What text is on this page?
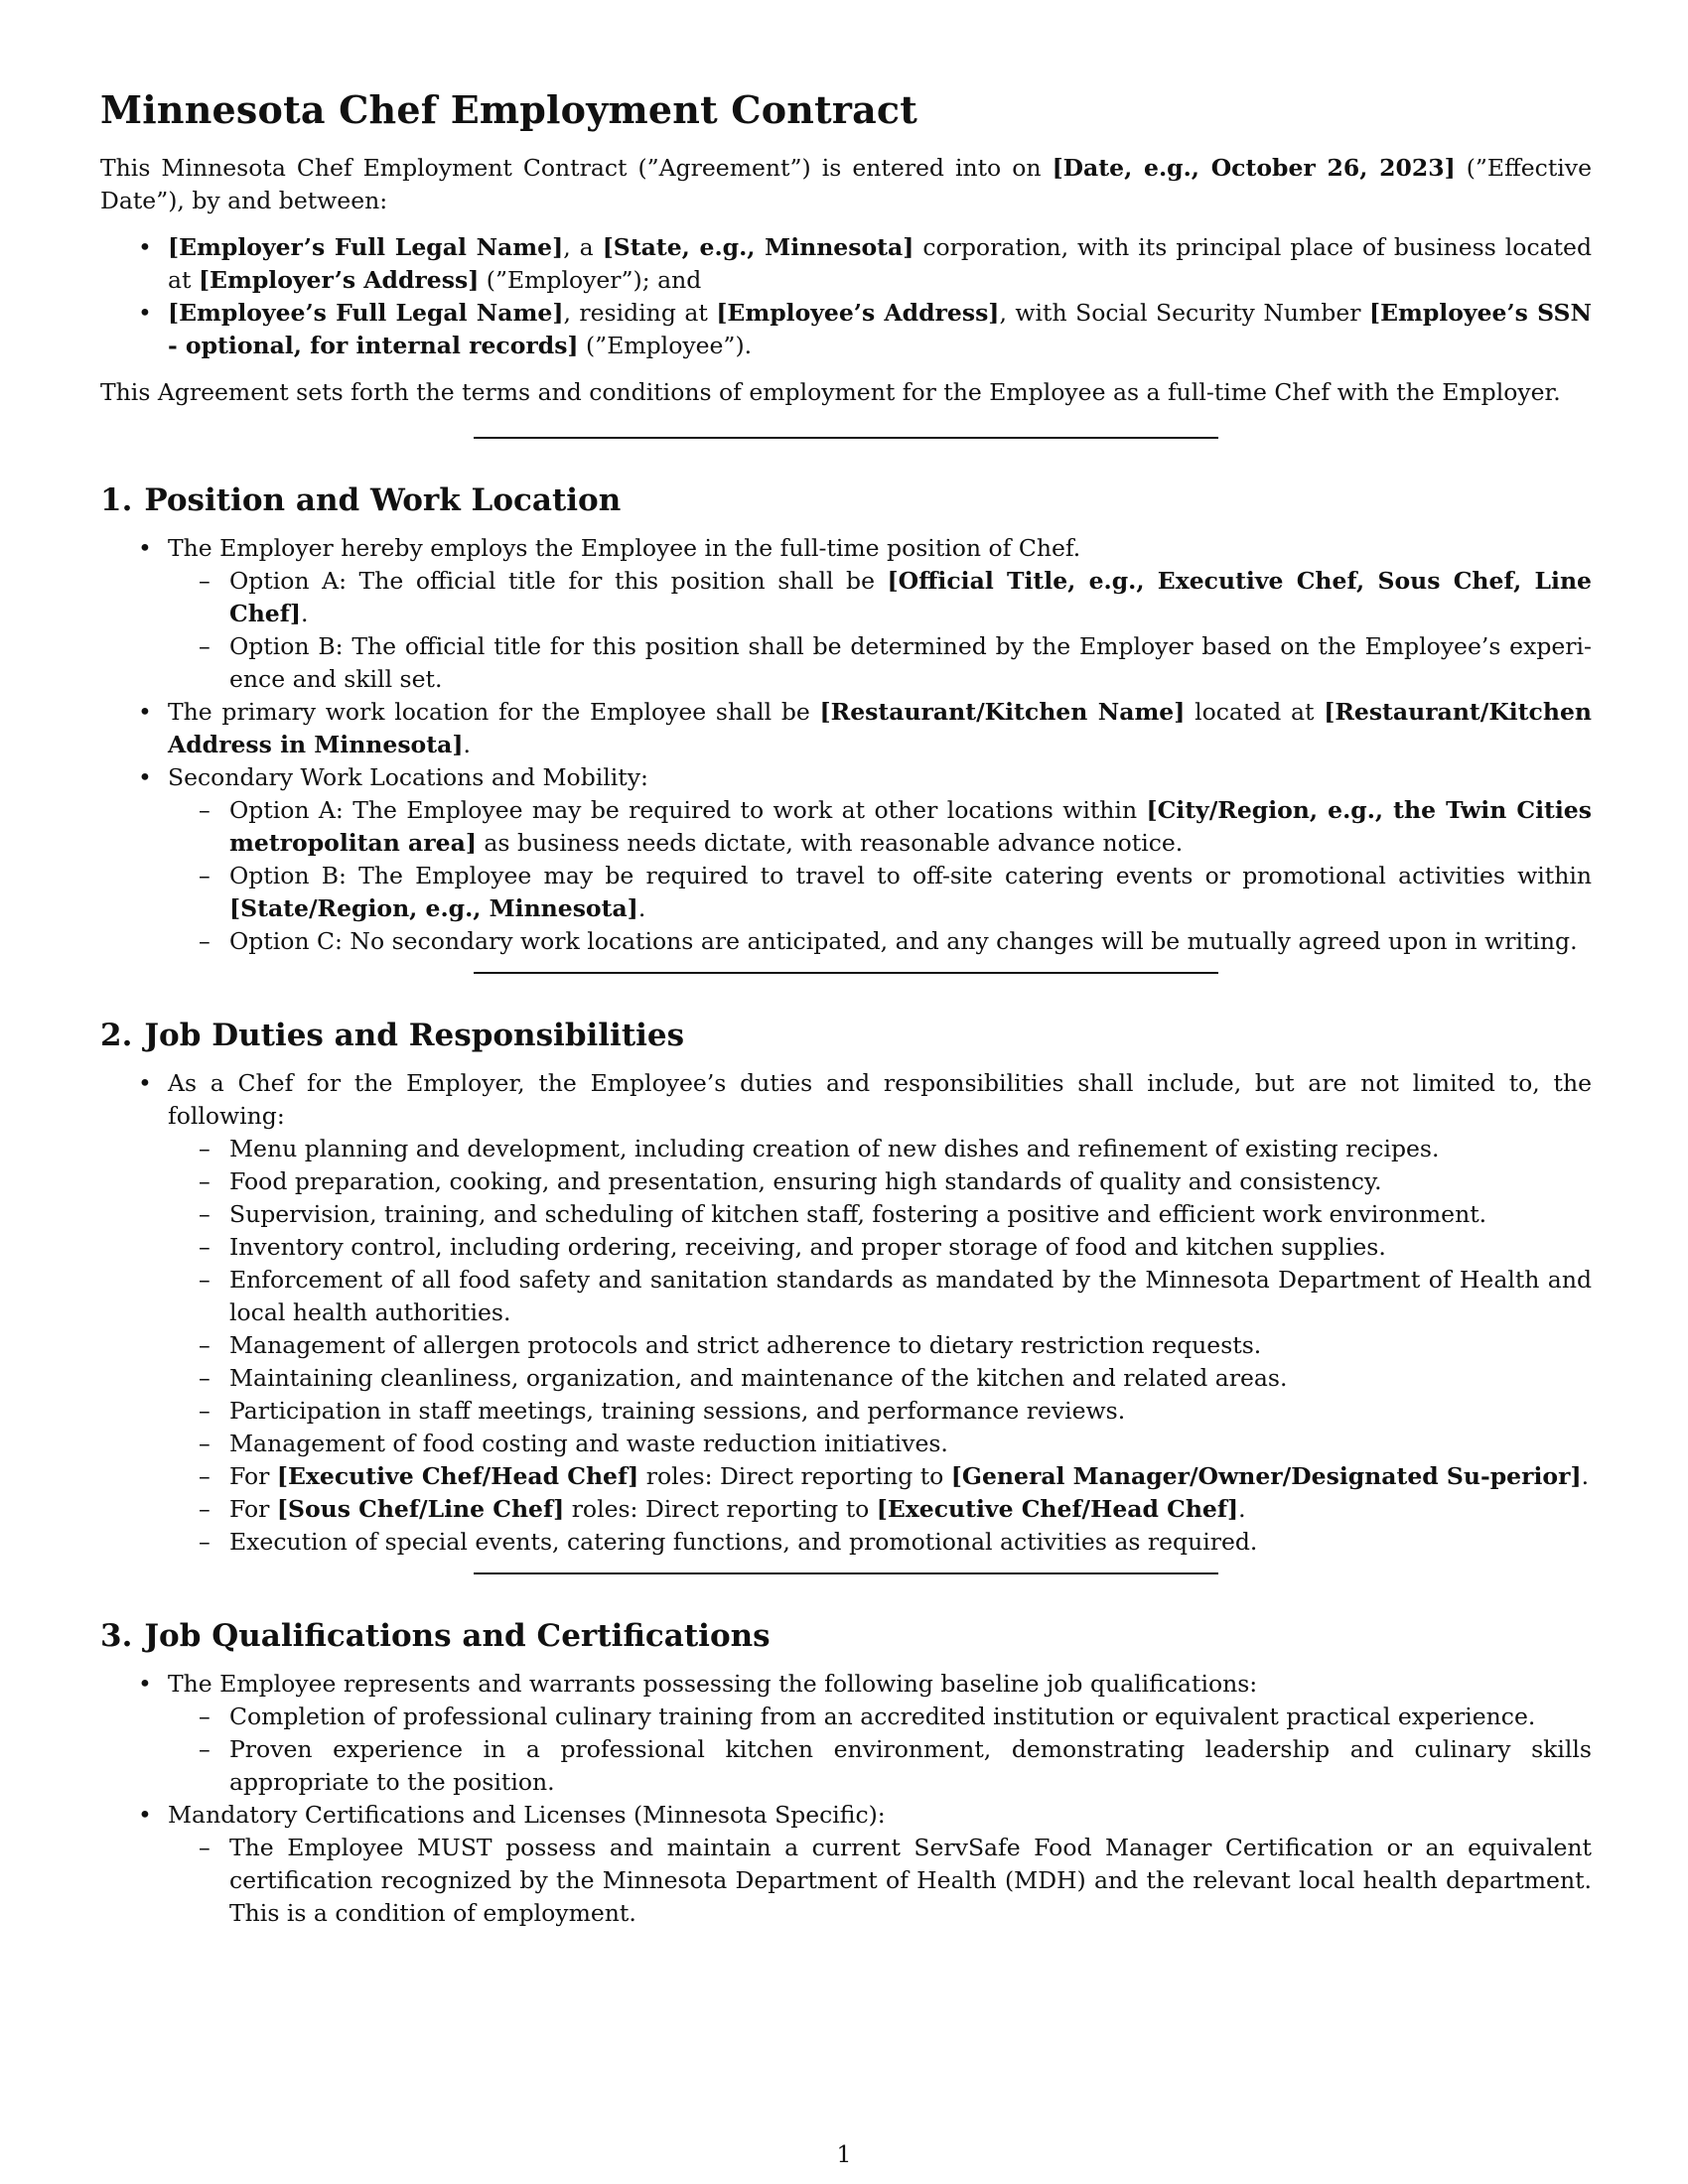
Minnesota Chef Employment Contract

This Minnesota Chef Employment Contract (”Agreement”) is entered into on [Date, e.g., October 26, 2023] (”Effective Date”), by and between:

• [Employer’s Full Legal Name], a [State, e.g., Minnesota] corporation, with its principal place of business located at [Employer’s Address] (”Employer”); and
• [Employee’s Full Legal Name], residing at [Employee’s Address], with Social Security Number [Employee’s SSN - optional, for internal records] (”Employee”).

This Agreement sets forth the terms and conditions of employment for the Employee as a full-time Chef with the Employer.

1. Position and Work Location
• The Employer hereby employs the Employee in the full-time position of Chef.
– Option A: The official title for this position shall be [Official Title, e.g., Executive Chef, Sous Chef, Line Chef].
– Option B: The official title for this position shall be determined by the Employer based on the Employee’s experi-ence and skill set.
• The primary work location for the Employee shall be [Restaurant/Kitchen Name] located at [Restaurant/Kitchen Address in Minnesota].
• Secondary Work Locations and Mobility:
– Option A: The Employee may be required to work at other locations within [City/Region, e.g., the Twin Cities metropolitan area] as business needs dictate, with reasonable advance notice.
– Option B: The Employee may be required to travel to off-site catering events or promotional activities within [State/Region, e.g., Minnesota].
– Option C: No secondary work locations are anticipated, and any changes will be mutually agreed upon in writing.
2. Job Duties and Responsibilities
• As a Chef for the Employer, the Employee’s duties and responsibilities shall include, but are not limited to, the following:
– Menu planning and development, including creation of new dishes and refinement of existing recipes.
– Food preparation, cooking, and presentation, ensuring high standards of quality and consistency.
– Supervision, training, and scheduling of kitchen staff, fostering a positive and efficient work environment.
– Inventory control, including ordering, receiving, and proper storage of food and kitchen supplies.
– Enforcement of all food safety and sanitation standards as mandated by the Minnesota Department of Health and local health authorities.
– Management of allergen protocols and strict adherence to dietary restriction requests.
– Maintaining cleanliness, organization, and maintenance of the kitchen and related areas.
– Participation in staff meetings, training sessions, and performance reviews.
– Management of food costing and waste reduction initiatives.
– For [Executive Chef/Head Chef] roles: Direct reporting to [General Manager/Owner/Designated Su-perior].
– For [Sous Chef/Line Chef] roles: Direct reporting to [Executive Chef/Head Chef].
– Execution of special events, catering functions, and promotional activities as required.
3. Job Qualifications and Certifications
• The Employee represents and warrants possessing the following baseline job qualifications:
– Completion of professional culinary training from an accredited institution or equivalent practical experience.
– Proven experience in a professional kitchen environment, demonstrating leadership and culinary skills appropriate to the position.
• Mandatory Certifications and Licenses (Minnesota Specific):
– The Employee MUST possess and maintain a current ServSafe Food Manager Certification or an equivalent certification recognized by the Minnesota Department of Health (MDH) and the relevant local health department. This is a condition of employment.
1
